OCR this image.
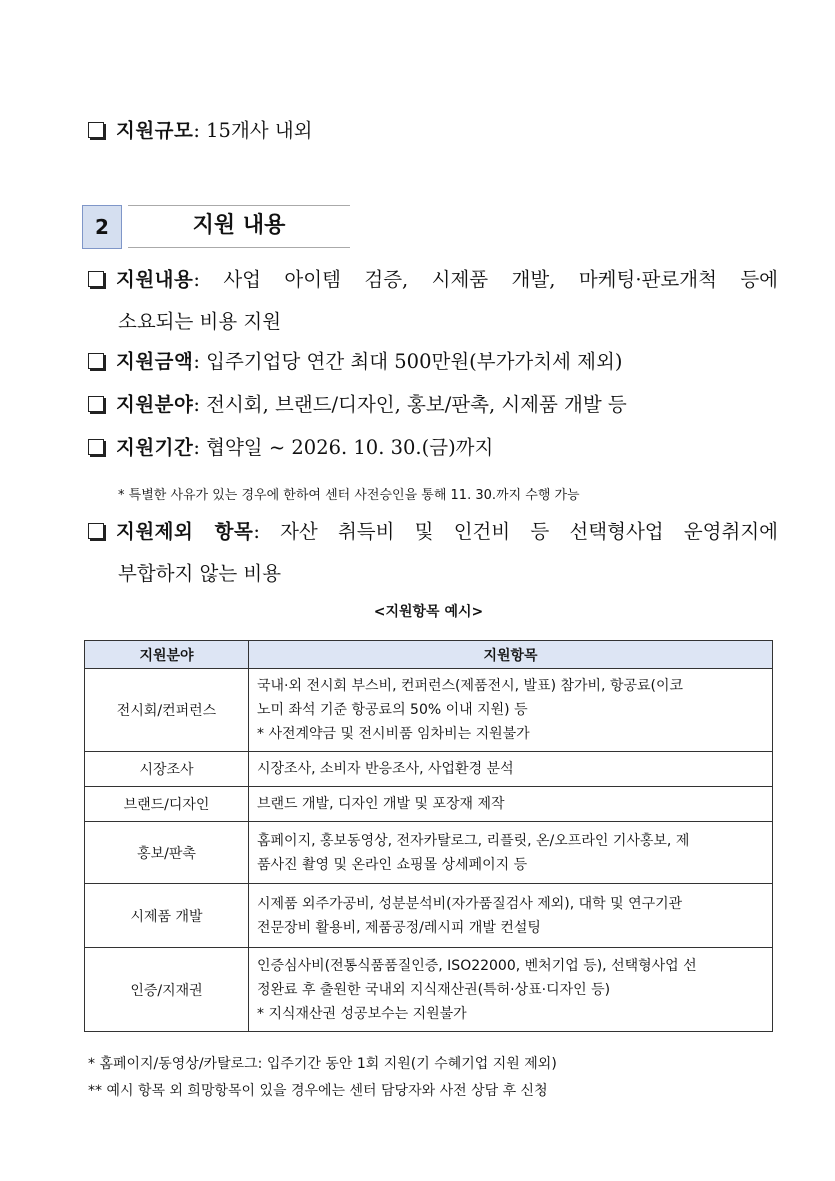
지원규모: 15개사 내외
2	지원 내용
지원내용: 사업 아이템 검증, 시제품 개발, 마케팅·판로개척 등에
소요되는 비용 지원
지원금액: 입주기업당 연간 최대 500만원(부가가치세 제외)
지원분야: 전시회, 브랜드/디자인, 홍보/판촉, 시제품 개발 등
지원기간: 협약일 ~ 2026. 10. 30.(금)까지
* 특별한 사유가 있는 경우에 한하여 센터 사전승인을 통해 11. 30.까지 수행 가능
지원제외 항목: 자산 취득비 및 인건비 등 선택형사업 운영취지에
부합하지 않는 비용
<지원항목 예시>
지원분야	지원항목
전시회/컨퍼런스	국내·외 전시회 부스비, 컨퍼런스(제품전시, 발표) 참가비, 항공료(이코
노미 좌석 기준 항공료의 50% 이내 지원) 등
* 사전계약금 및 전시비품 임차비는 지원불가

시장조사	시장조사, 소비자 반응조사, 사업환경 분석

브랜드/디자인	브랜드 개발, 디자인 개발 및 포장재 제작

홍보/판촉	홈페이지, 홍보동영상, 전자카탈로그, 리플릿, 온/오프라인 기사홍보, 제
품사진 촬영 및 온라인 쇼핑몰 상세페이지 등

시제품 개발	시제품 외주가공비, 성분분석비(자가품질검사 제외), 대학 및 연구기관
전문장비 활용비, 제품공정/레시피 개발 컨설팅

인증/지재권	인증심사비(전통식품품질인증, ISO22000, 벤처기업 등), 선택형사업 선
정완료 후 출원한 국내외 지식재산권(특허·상표·디자인 등)
* 지식재산권 성공보수는 지원불가
* 홈페이지/동영상/카탈로그: 입주기간 동안 1회 지원(기 수혜기업 지원 제외)
** 예시 항목 외 희망항목이 있을 경우에는 센터 담당자와 사전 상담 후 신청
